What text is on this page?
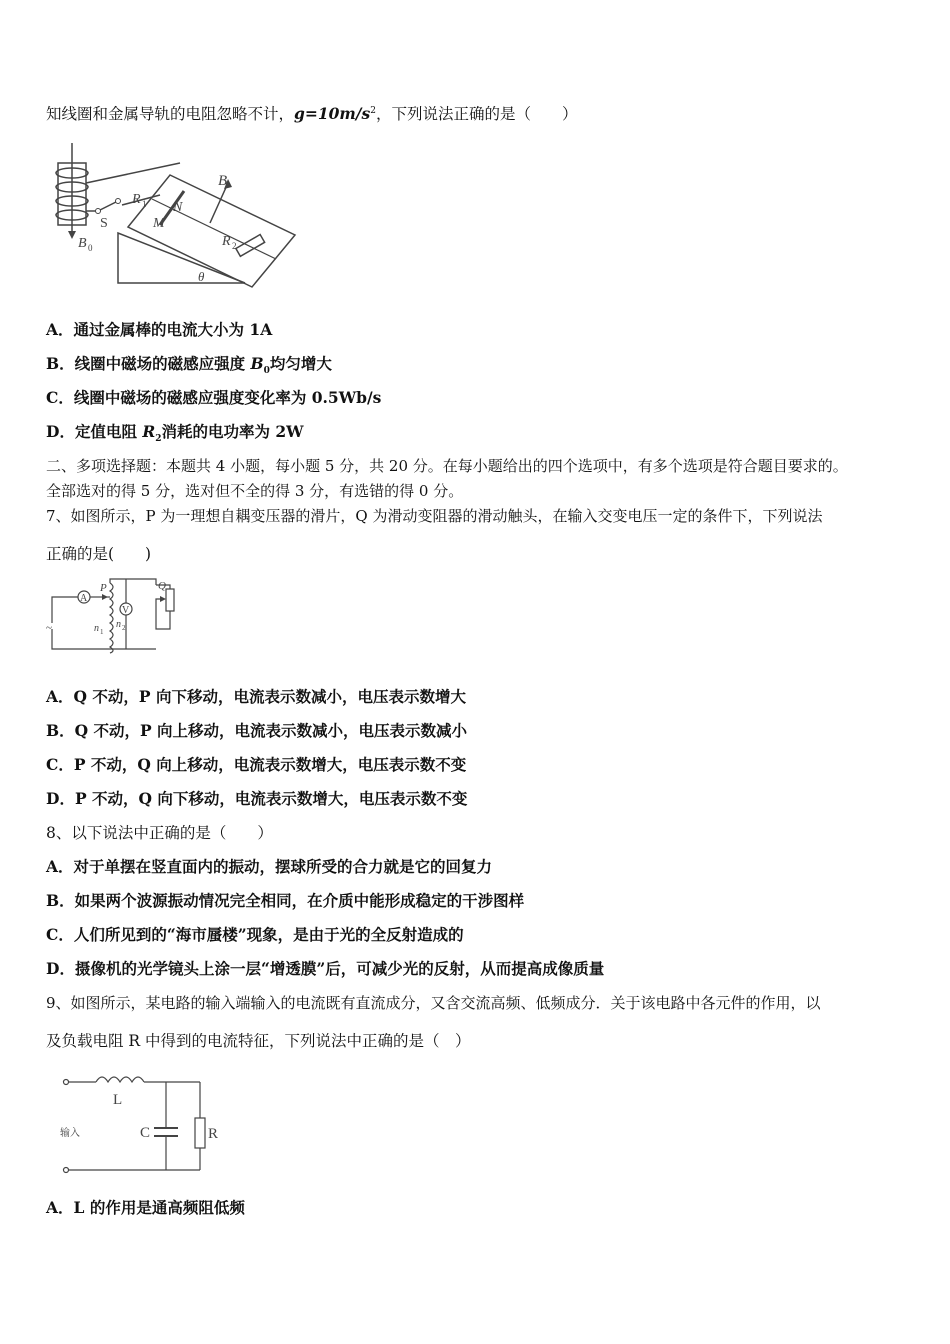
知线圈和金属导轨的电阻忽略不计，$g=10m/s^2$，下列说法正确的是（　　）
B
R 1 N
M
R 2
S
B 0
θ
A．通过金属棒的电流大小为 1A
B．线圈中磁场的磁感应强度 $B_0$均匀增大
C．线圈中磁场的磁感应强度变化率为 0.5Wb/s
D．定值电阻 $R_2$消耗的电功率为 2W
二、多项选择题：本题共 4 小题，每小题 5 分，共 20 分。在每小题给出的四个选项中，有多个选项是符合题目要求的。
全部选对的得 5 分，选对但不全的得 3 分，有选错的得 0 分。
7、如图所示，P 为一理想自耦变压器的滑片，Q 为滑动变阻器的滑动触头，在输入交变电压一定的条件下，下列说法
正确的是(　　)
A
V
P	Q
n 1
n 2
~
A．Q 不动，P 向下移动，电流表示数减小，电压表示数增大
B．Q 不动，P 向上移动，电流表示数减小，电压表示数减小
C．P 不动，Q 向上移动，电流表示数增大，电压表示数不变
D．P 不动，Q 向下移动，电流表示数增大，电压表示数不变
8、以下说法中正确的是（　　）
A．对于单摆在竖直面内的振动，摆球所受的合力就是它的回复力
B．如果两个波源振动情况完全相同，在介质中能形成稳定的干涉图样
C．人们所见到的“海市蜃楼”现象，是由于光的全反射造成的
D．摄像机的光学镜头上涂一层“增透膜”后，可减少光的反射，从而提高成像质量
9、如图所示，某电路的输入端输入的电流既有直流成分，又含交流高频、低频成分．关于该电路中各元件的作用，以
及负载电阻 R 中得到的电流特征，下列说法中正确的是（　）
L
C	R
输入
A．L 的作用是通高频阻低频
